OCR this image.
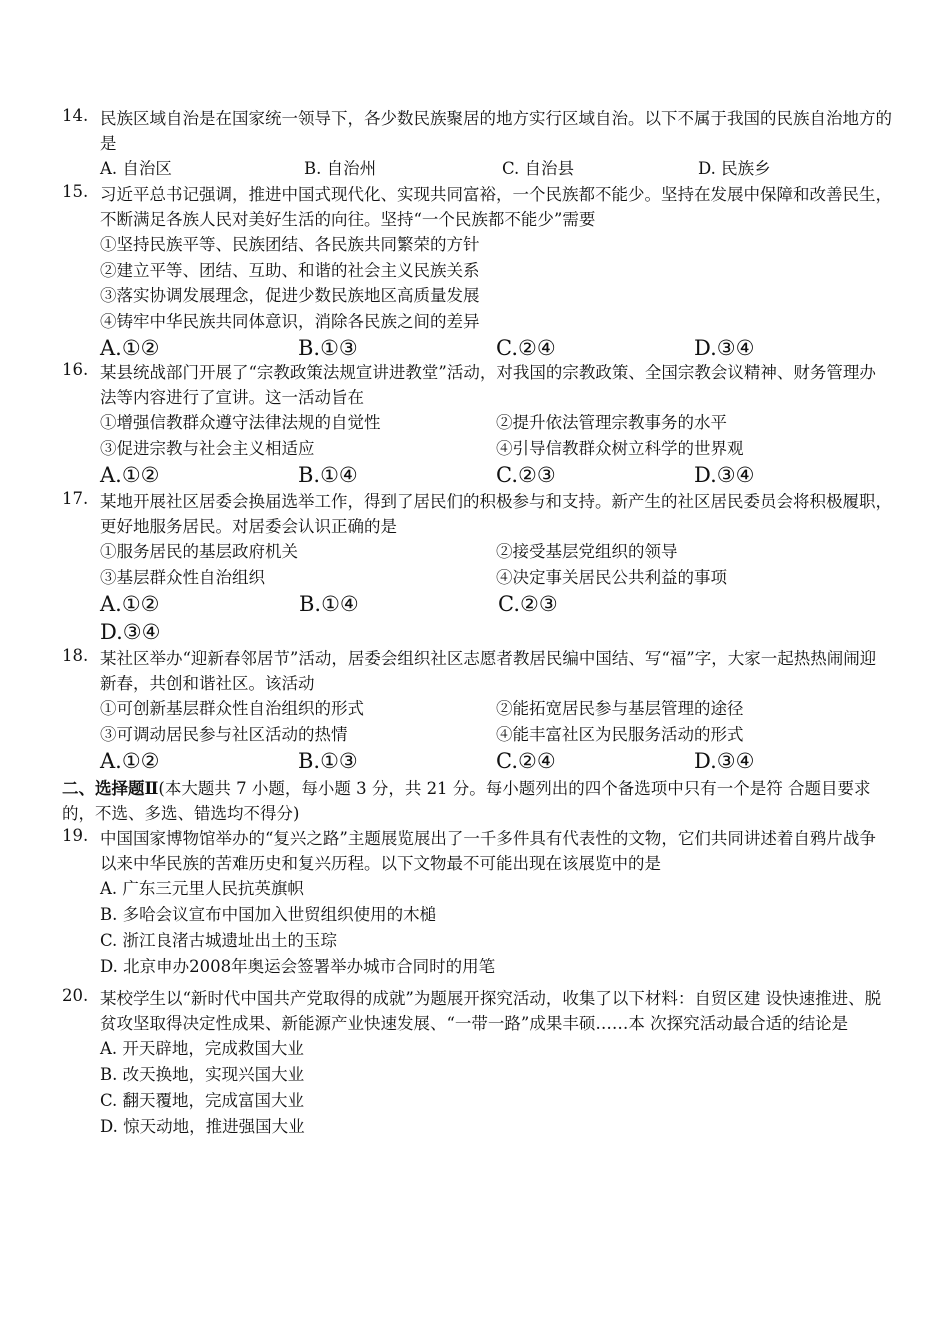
14. 民族区域自治是在国家统一领导下，各少数民族聚居的地方实行区域自治。以下不属于我国的民族自治地方的是
A. 自治区	B. 自治州	C. 自治县	D. 民族乡
15. 习近平总书记强调，推进中国式现代化、实现共同富裕，一个民族都不能少。坚持在发展中保障和改善民生，不断满足各族人民对美好生活的向往。坚持“一个民族都不能少”需要
①坚持民族平等、民族团结、各民族共同繁荣的方针
②建立平等、团结、互助、和谐的社会主义民族关系
③落实协调发展理念，促进少数民族地区高质量发展
④铸牢中华民族共同体意识，消除各民族之间的差异
A.①②	B.①③	C.②④	D.③④
16. 某县统战部门开展了“宗教政策法规宣讲进教堂”活动，对我国的宗教政策、全国宗教会议精神、财务管理办法等内容进行了宣讲。这一活动旨在
①增强信教群众遵守法律法规的自觉性	②提升依法管理宗教事务的水平
③促进宗教与社会主义相适应	④引导信教群众树立科学的世界观
A.①②	B.①④	C.②③	D.③④
17. 某地开展社区居委会换届选举工作，得到了居民们的积极参与和支持。新产生的社区居民委员会将积极履职，更好地服务居民。对居委会认识正确的是
①服务居民的基层政府机关	②接受基层党组织的领导
③基层群众性自治组织	④决定事关居民公共利益的事项
A.①②	B.①④	C.②③
D.③④
18. 某社区举办“迎新春邻居节”活动，居委会组织社区志愿者教居民编中国结、写“福”字，大家一起热热闹闹迎新春，共创和谐社区。该活动
①可创新基层群众性自治组织的形式	②能拓宽居民参与基层管理的途径
③可调动居民参与社区活动的热情	④能丰富社区为民服务活动的形式
A.①②	B.①③	C.②④	D.③④
二、选择题Ⅱ(本大题共 7 小题，每小题 3 分，共 21 分。每小题列出的四个备选项中只有一个是符 合题目要求的，不选、多选、错选均不得分)
19. 中国国家博物馆举办的“复兴之路”主题展览展出了一千多件具有代表性的文物，它们共同讲述着自鸦片战争以来中华民族的苦难历史和复兴历程。以下文物最不可能出现在该展览中的是
A. 广东三元里人民抗英旗帜
B. 多哈会议宣布中国加入世贸组织使用的木槌
C. 浙江良渚古城遗址出土的玉琮
D. 北京申办2008年奥运会签署举办城市合同时的用笔
20. 某校学生以“新时代中国共产党取得的成就”为题展开探究活动，收集了以下材料：自贸区建 设快速推进、脱贫攻坚取得决定性成果、新能源产业快速发展、“一带一路”成果丰硕……本 次探究活动最合适的结论是
A. 开天辟地，完成救国大业
B. 改天换地，实现兴国大业
C. 翻天覆地，完成富国大业
D. 惊天动地，推进强国大业
